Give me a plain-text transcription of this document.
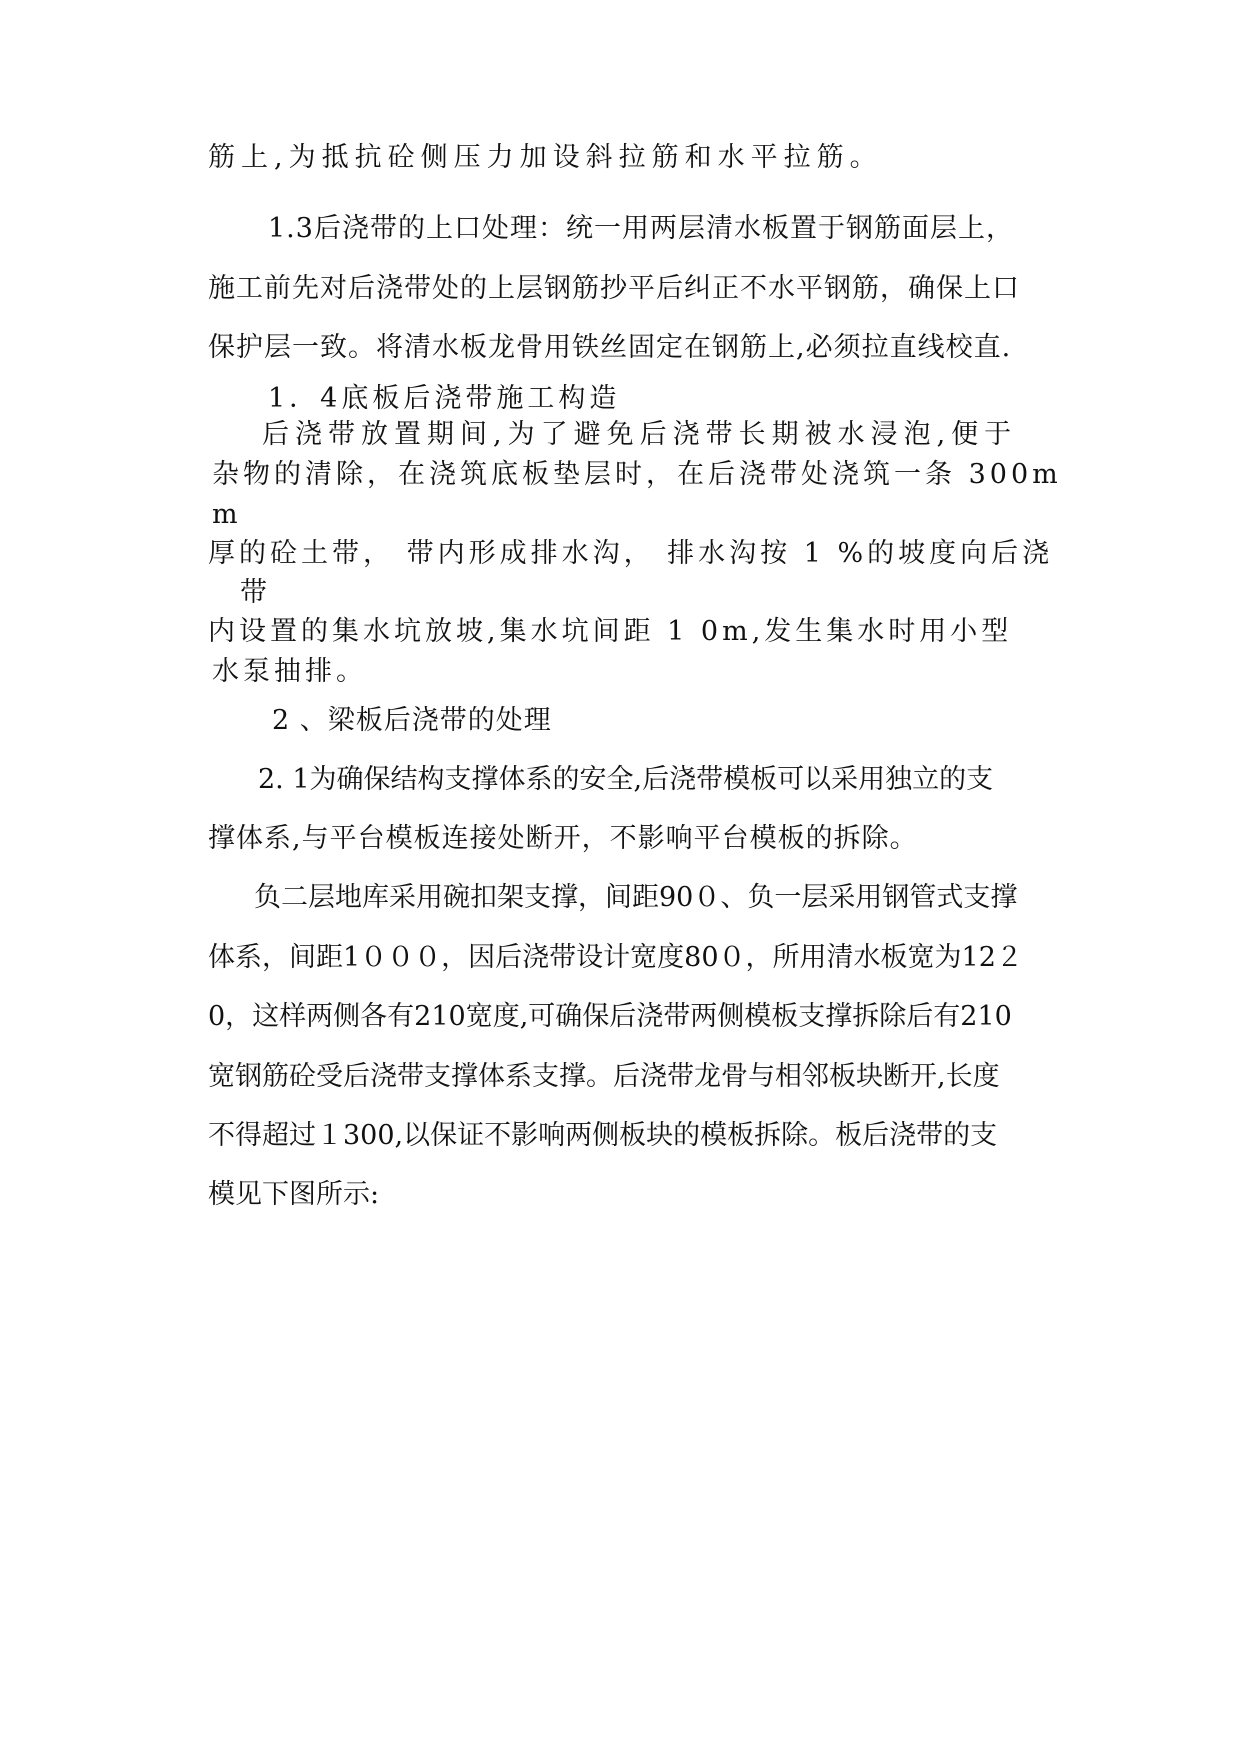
筋上,为抵抗砼侧压力加设斜拉筋和水平拉筋。

1.3后浇带的上口处理：统一用两层清水板置于钢筋面层上，

施工前先对后浇带处的上层钢筋抄平后纠正不水平钢筋，确保上口

保护层一致。将清水板龙骨用铁丝固定在钢筋上,必须拉直线校直.

1．4底板后浇带施工构造

后浇带放置期间,为了避免后浇带长期被水浸泡,便于

杂物的清除，在浇筑底板垫层时，在后浇带处浇筑一条 300m

m

厚的砼土带， 带内形成排水沟， 排水沟按 1 %的坡度向后浇

带

内设置的集水坑放坡,集水坑间距 1 0m,发生集水时用小型

水泵抽排。

2 、梁板后浇带的处理

2. 1为确保结构支撑体系的安全,后浇带模板可以采用独立的支

撑体系,与平台模板连接处断开，不影响平台模板的拆除。

负二层地库采用碗扣架支撑，间距90０、负一层采用钢管式支撑

体系，间距1０００，因后浇带设计宽度80０，所用清水板宽为12２

0，这样两侧各有210宽度,可确保后浇带两侧模板支撑拆除后有210

宽钢筋砼受后浇带支撑体系支撑。后浇带龙骨与相邻板块断开,长度

不得超过１300,以保证不影响两侧板块的模板拆除。板后浇带的支

模见下图所示:
